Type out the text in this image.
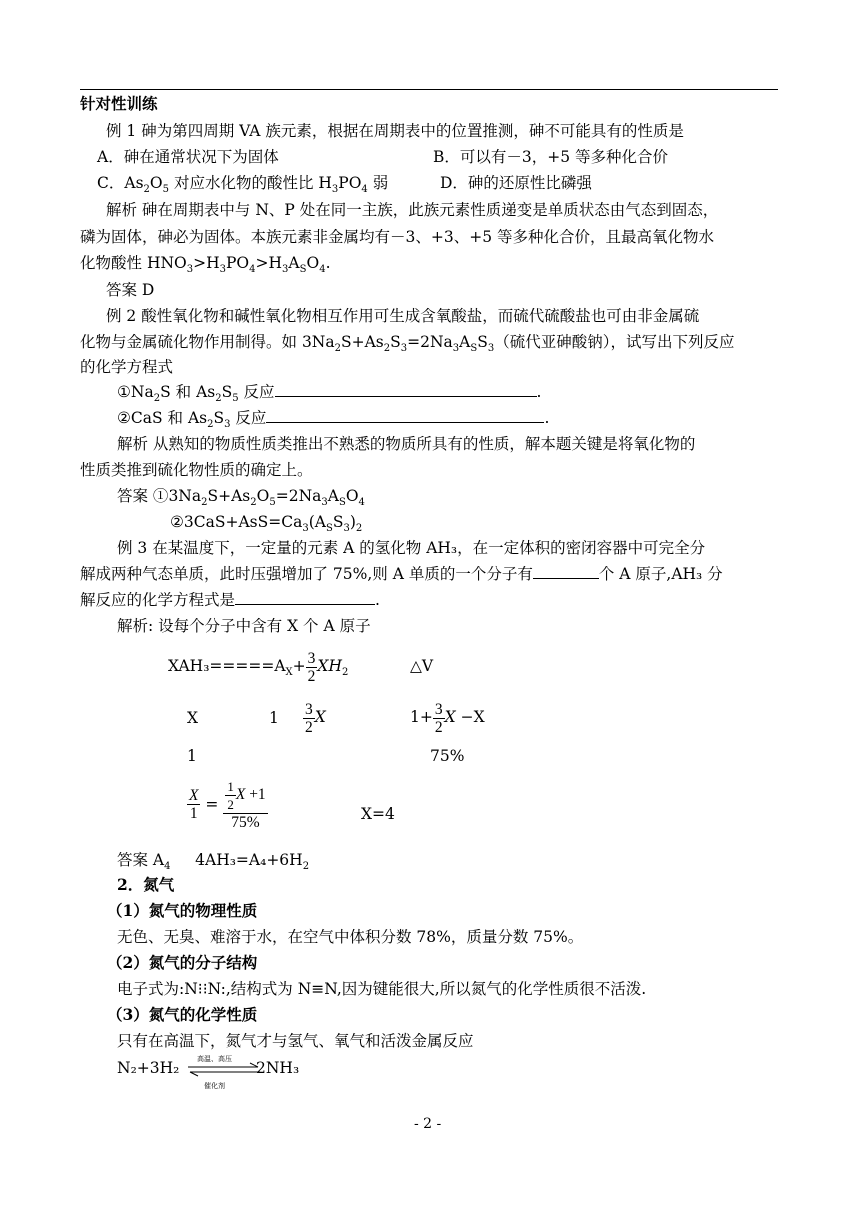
针对性训练
例 1 砷为第四周期 VA 族元素，根据在周期表中的位置推测，砷不可能具有的性质是
A．砷在通常状况下为固体	B．可以有－3，+5 等多种化合价
C．$As_2O_5$ 对应水化物的酸性比 $H_3PO_4$ 弱	D．砷的还原性比磷强
解析 砷在周期表中与 N、P 处在同一主族，此族元素性质递变是单质状态由气态到固态，
磷为固体，砷必为固体。本族元素非金属均有－3、+3、+5 等多种化合价，且最高氧化物水
化物酸性 $HNO_3>H_3PO_4>H_3A_SO_4$.
答案 D
例 2 酸性氧化物和碱性氧化物相互作用可生成含氧酸盐，而硫代硫酸盐也可由非金属硫
化物与金属硫化物作用制得。如 $3Na_2S+As_2S_3=2Na_3A_SS_3$（硫代亚砷酸钠），试写出下列反应
的化学方程式
$①Na_2S$ 和 $As_2S_5$ 反应	.
②CaS 和 $As_2S_3$ 反应	.
解析 从熟知的物质性质类推出不熟悉的物质所具有的性质，解本题关键是将氧化物的
性质类推到硫化物性质的确定上。
答案 $①3Na_2S+As_2O_5=2Na_3A_SO_4$
$②3CaS+AsS=Ca_3(A_SS_3)_2$
例 3 在某温度下，一定量的元素 A 的氢化物 AH₃，在一定体积的密闭容器中可完全分
解成两种气态单质，此时压强增加了 75%,则 A 单质的一个分子有	个 A 原子,AH₃ 分
解反应的化学方程式是	.
解析: 设每个分子中含有 X 个 A 原子
$XAH_3=====A_X+ \frac{3}{2} XH_2$	△V
X	$1 \frac{3}{2}$ X	$1+ \frac{3}{2}$ X −X
1	75%
$\frac{X}{1} = \frac{\frac{1}{2} X +1}{75\%}$	X=4
答案 $A_4$ $4AH_3=A_4+6H_2$
2．氮气
（1）氮气的物理性质
无色、无臭、难溶于水，在空气中体积分数 78%，质量分数 75%。
（2）氮气的分子结构
电子式为:N⁝⁝N:,结构式为 N≡N,因为键能很大,所以氮气的化学性质很不活泼.
（3）氮气的化学性质
只有在高温下，氮气才与氢气、氧气和活泼金属反应
N₂+3H₂	高温、高压 2NH₃
催化剂
- 2 -
